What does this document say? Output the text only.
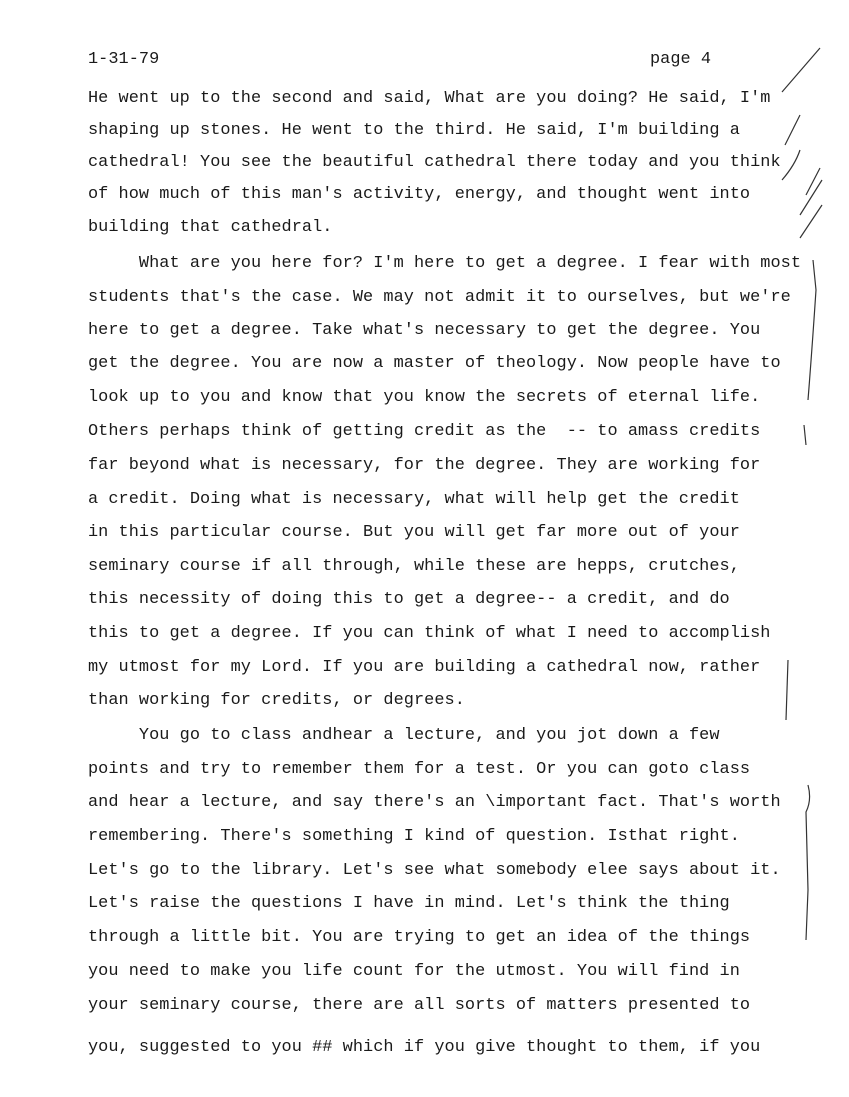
1-31-79	page 4
He went up to the second and said, What are you doing? He said, I'm
shaping up stones. He went to the third. He said, I'm building a
cathedral! You see the beautiful cathedral there today and you think
of how much of this man's activity, energy, and thought went into
building that cathedral.
What are you here for? I'm here to get a degree. I fear with most
students that's the case. We may not admit it to ourselves, but we're
here to get a degree. Take what's necessary to get the degree. You
get the degree. You are now a master of theology. Now people have to
look up to you and know that you know the secrets of eternal life.
Others perhaps think of getting credit as the  -- to amass credits
far beyond what is necessary, for the degree. They are working for
a credit. Doing what is necessary, what will help get the credit
in this particular course. But you will get far more out of your
seminary course if all through, while these are hepps, crutches,
this necessity of doing this to get a degree-- a credit, and do
this to get a degree. If you can think of what I need to accomplish
my utmost for my Lord. If you are building a cathedral now, rather
than working for credits, or degrees.
You go to class andhear a lecture, and you jot down a few
points and try to remember them for a test. Or you can goto class
and hear a lecture, and say there's an \important fact. That's worth
remembering. There's something I kind of question. Isthat right.
Let's go to the library. Let's see what somebody elee says about it.
Let's raise the questions I have in mind. Let's think the thing
through a little bit. You are trying to get an idea of the things
you need to make you life count for the utmost. You will find in
your seminary course, there are all sorts of matters presented to
you, suggested to you ## which if you give thought to them, if you
